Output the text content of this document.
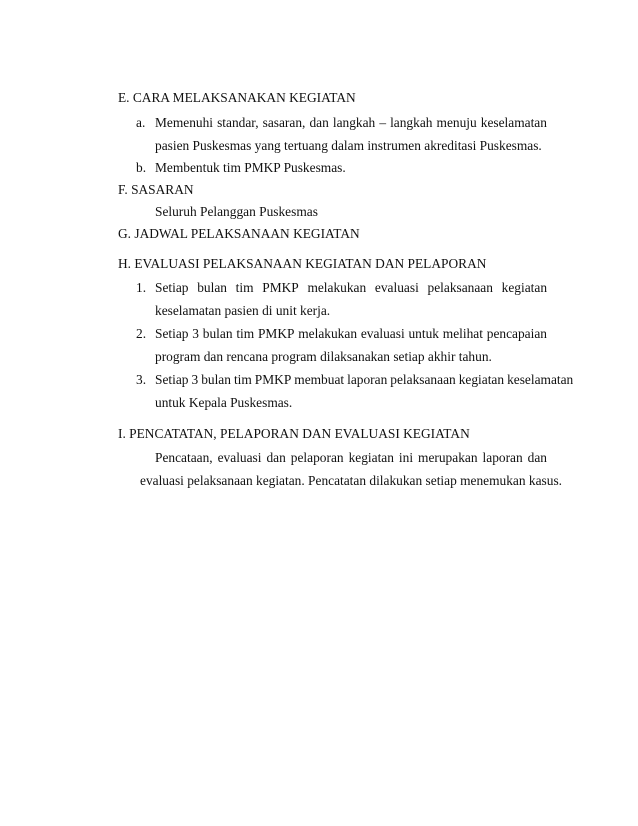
E. CARA MELAKSANAKAN KEGIATAN
a. Memenuhi standar, sasaran, dan langkah – langkah menuju keselamatan
pasien Puskesmas yang tertuang dalam instrumen akreditasi Puskesmas.
b. Membentuk tim PMKP Puskesmas.
F. SASARAN
Seluruh Pelanggan Puskesmas
G. JADWAL PELAKSANAAN KEGIATAN
H. EVALUASI PELAKSANAAN KEGIATAN DAN PELAPORAN
1. Setiap bulan tim PMKP melakukan evaluasi pelaksanaan kegiatan
keselamatan pasien di unit kerja.
2. Setiap 3 bulan tim PMKP melakukan evaluasi untuk melihat pencapaian
program dan rencana program dilaksanakan setiap akhir tahun.
3. Setiap 3 bulan tim PMKP membuat laporan pelaksanaan kegiatan keselamatan
untuk Kepala Puskesmas.
I. PENCATATAN, PELAPORAN DAN EVALUASI KEGIATAN
Pencataan, evaluasi dan pelaporan kegiatan ini merupakan laporan dan
evaluasi pelaksanaan kegiatan. Pencatatan dilakukan setiap menemukan kasus.
